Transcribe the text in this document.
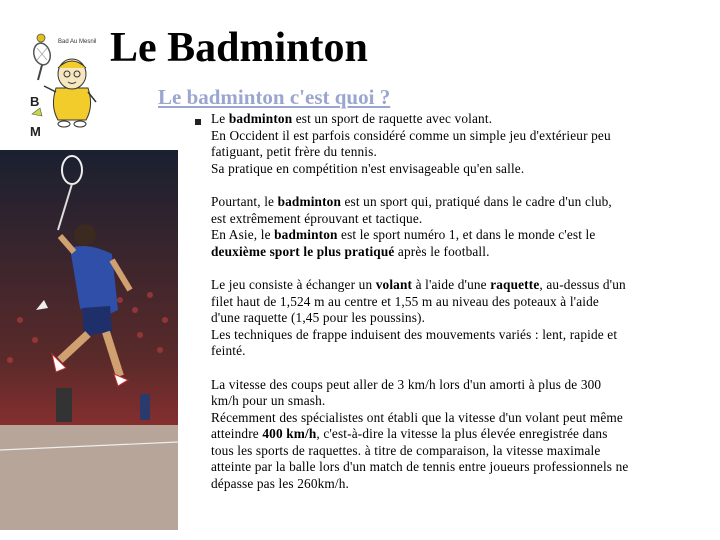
B
M
Bad Au Mesnil Le Badminton
Le badminton c'est quoi ?

Le badminton est un sport de raquette avec volant.
En Occident il est parfois considéré comme un simple jeu d'extérieur peu
fatiguant, petit frère du tennis.
Sa pratique en compétition n'est envisageable qu'en salle.

Pourtant, le badminton est un sport qui, pratiqué dans le cadre d'un club,
est extrêmement éprouvant et tactique.
En Asie, le badminton est le sport numéro 1, et dans le monde c'est le
deuxième sport le plus pratiqué après le football.

Le jeu consiste à échanger un volant à l'aide d'une raquette, au-dessus d'un
filet haut de 1,524 m au centre et 1,55 m au niveau des poteaux à l'aide
d'une raquette (1,45 pour les poussins).
Les techniques de frappe induisent des mouvements variés : lent, rapide et
feinté.

La vitesse des coups peut aller de 3 km/h lors d'un amorti à plus de 300
km/h pour un smash.
Récemment des spécialistes ont établi que la vitesse d'un volant peut même
atteindre 400 km/h, c'est-à-dire la vitesse la plus élevée enregistrée dans
tous les sports de raquettes. à titre de comparaison, la vitesse maximale
atteinte par la balle lors d'un match de tennis entre joueurs professionnels ne
dépasse pas les 260km/h.
